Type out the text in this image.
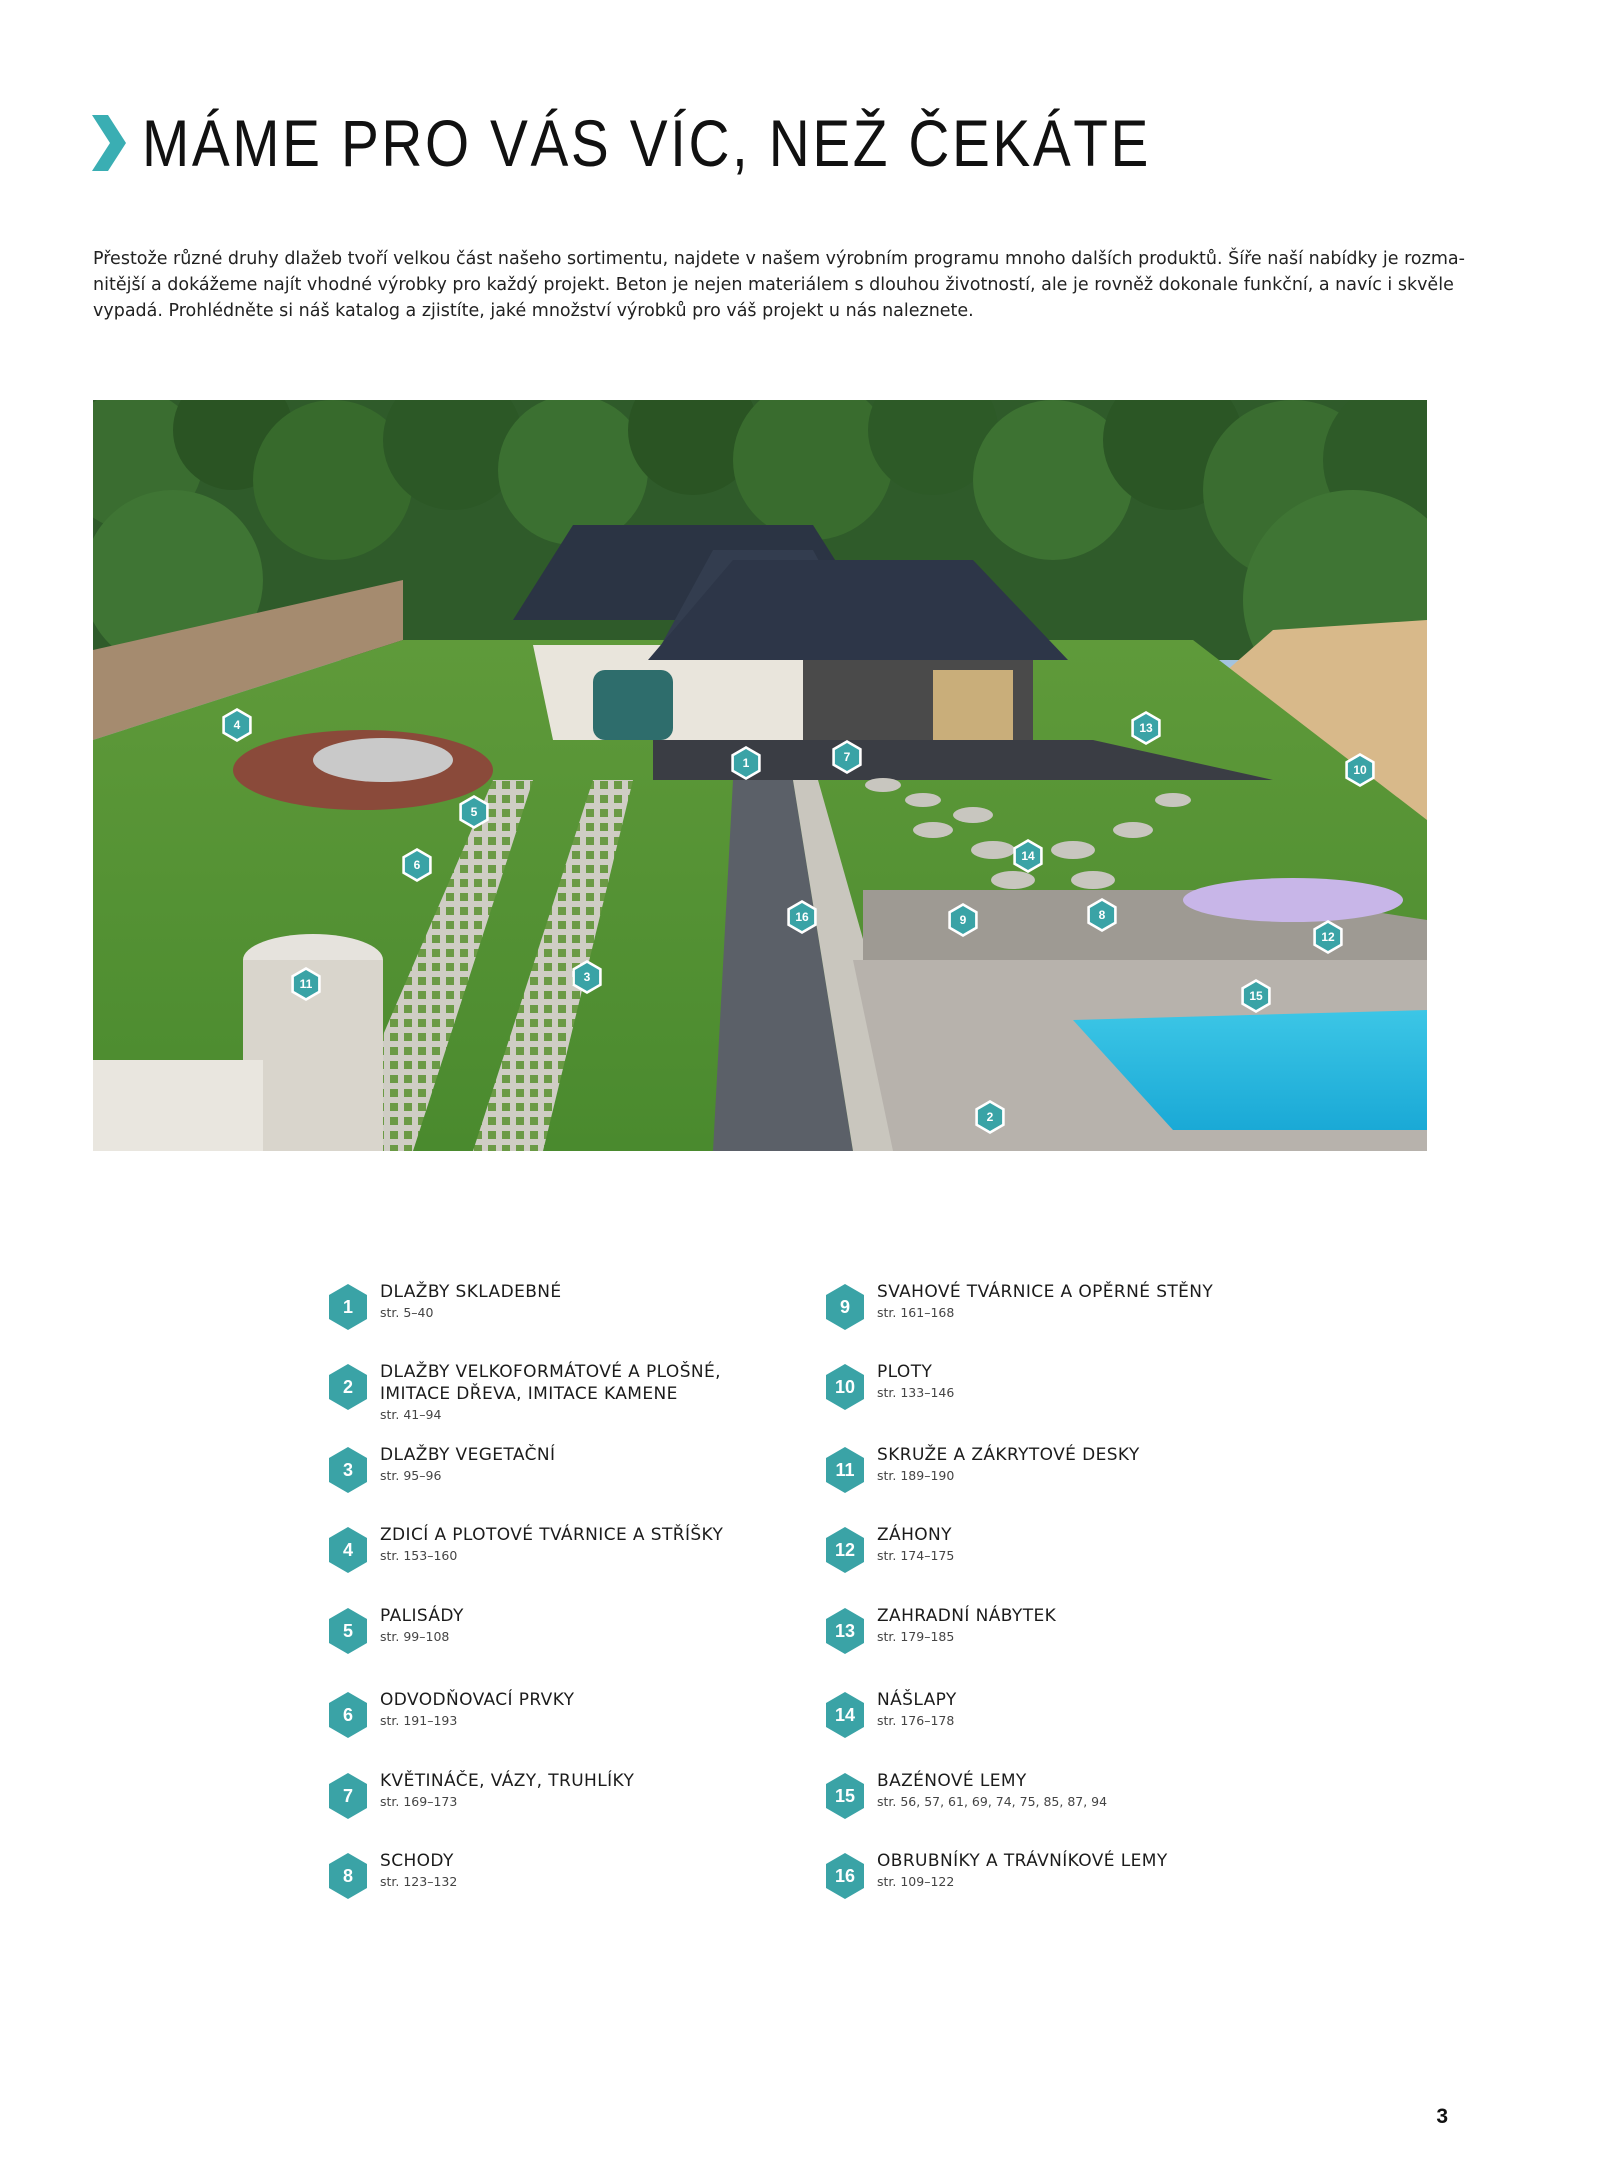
MÁME PRO VÁS VÍC, NEŽ ČEKÁTE
Přestože různé druhy dlažeb tvoří velkou část našeho sortimentu, najdete v našem výrobním programu mnoho dalších produktů. Šíře naší nabídky je rozma-
nitější a dokážeme najít vhodné výrobky pro každý projekt. Beton je nejen materiálem s dlouhou životností, ale je rovněž dokonale funkční, a navíc i skvěle
vypadá. Prohlédněte si náš katalog a zjistíte, jaké množství výrobků pro váš projekt u nás naleznete.
1
2
3
4
5
6
7
8
9
10
11
12
13
14
15
16
1
DLAŽBY SKLADEBNÉ
str. 5–40
2
DLAŽBY VELKOFORMÁTOVÉ A PLOŠNÉ,
IMITACE DŘEVA, IMITACE KAMENE
str. 41–94
3
DLAŽBY VEGETAČNÍ
str. 95–96
4
ZDICÍ A PLOTOVÉ TVÁRNICE A STŘÍŠKY
str. 153–160
5
PALISÁDY
str. 99–108
6
ODVODŇOVACÍ PRVKY
str. 191–193
7
KVĚTINÁČE, VÁZY, TRUHLÍKY
str. 169–173
8
SCHODY
str. 123–132
9
SVAHOVÉ TVÁRNICE A OPĚRNÉ STĚNY
str. 161–168
10
PLOTY
str. 133–146
11
SKRUŽE A ZÁKRYTOVÉ DESKY
str. 189–190
12
ZÁHONY
str. 174–175
13
ZAHRADNÍ NÁBYTEK
str. 179–185
14
NÁŠLAPY
str. 176–178
15
BAZÉNOVÉ LEMY
str. 56, 57, 61, 69, 74, 75, 85, 87, 94
16
OBRUBNÍKY A TRÁVNÍKOVÉ LEMY
str. 109–122
3
